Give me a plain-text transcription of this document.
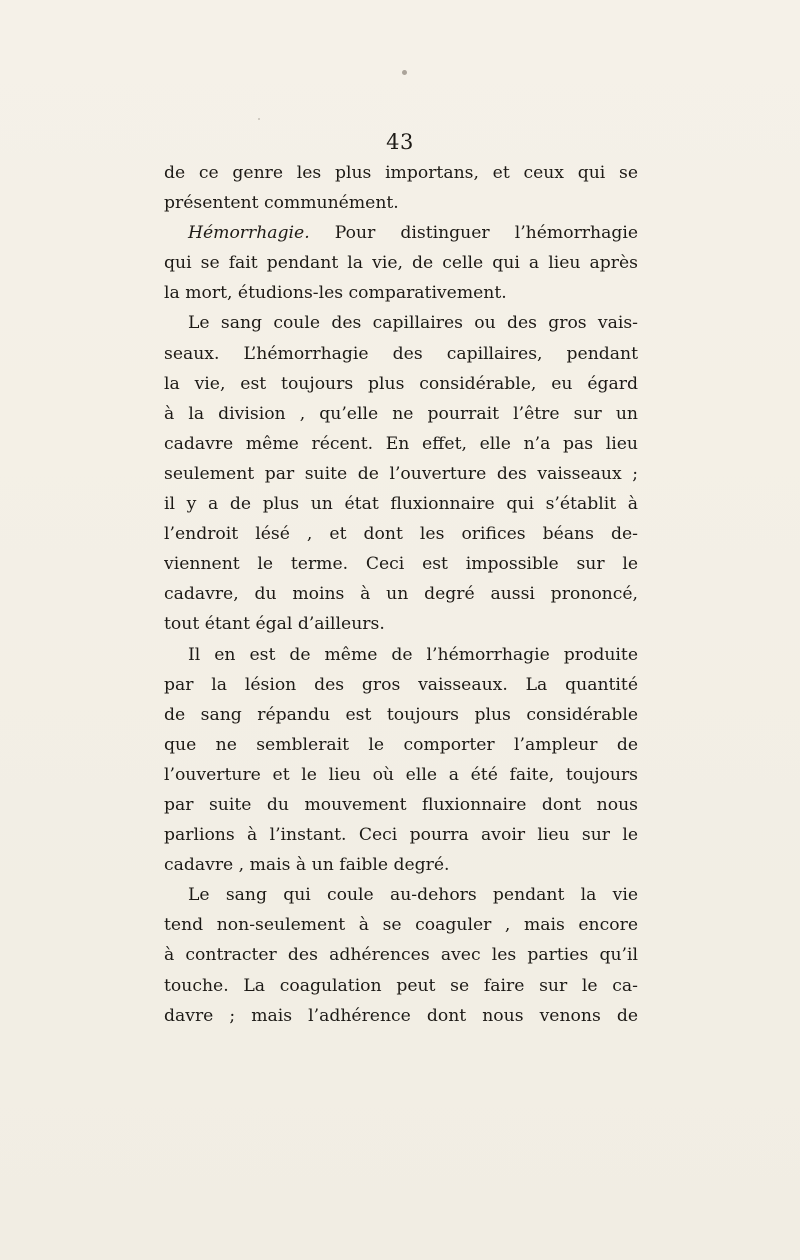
43
de ce genre les plus importans, et ceux qui se
présentent communément.
Hémorrhagie. Pour distinguer l’hémorrhagie
qui se fait pendant la vie, de celle qui a lieu après
la mort, étudions-les comparativement.
Le sang coule des capillaires ou des gros vais-
seaux. L’hémorrhagie des capillaires, pendant
la vie, est toujours plus considérable, eu égard
à la division , qu’elle ne pourrait l’être sur un
cadavre même récent. En effet, elle n’a pas lieu
seulement par suite de l’ouverture des vaisseaux ;
il y a de plus un état fluxionnaire qui s’établit à
l’endroit lésé , et dont les orifices béans de-
viennent le terme. Ceci est impossible sur le
cadavre, du moins à un degré aussi prononcé,
tout étant égal d’ailleurs.
Il en est de même de l’hémorrhagie produite
par la lésion des gros vaisseaux. La quantité
de sang répandu est toujours plus considérable
que ne semblerait le comporter l’ampleur de
l’ouverture et le lieu où elle a été faite, toujours
par suite du mouvement fluxionnaire dont nous
parlions à l’instant. Ceci pourra avoir lieu sur le
cadavre , mais à un faible degré.
Le sang qui coule au-dehors pendant la vie
tend non-seulement à se coaguler , mais encore
à contracter des adhérences avec les parties qu’il
touche. La coagulation peut se faire sur le ca-
davre ; mais l’adhérence dont nous venons de
